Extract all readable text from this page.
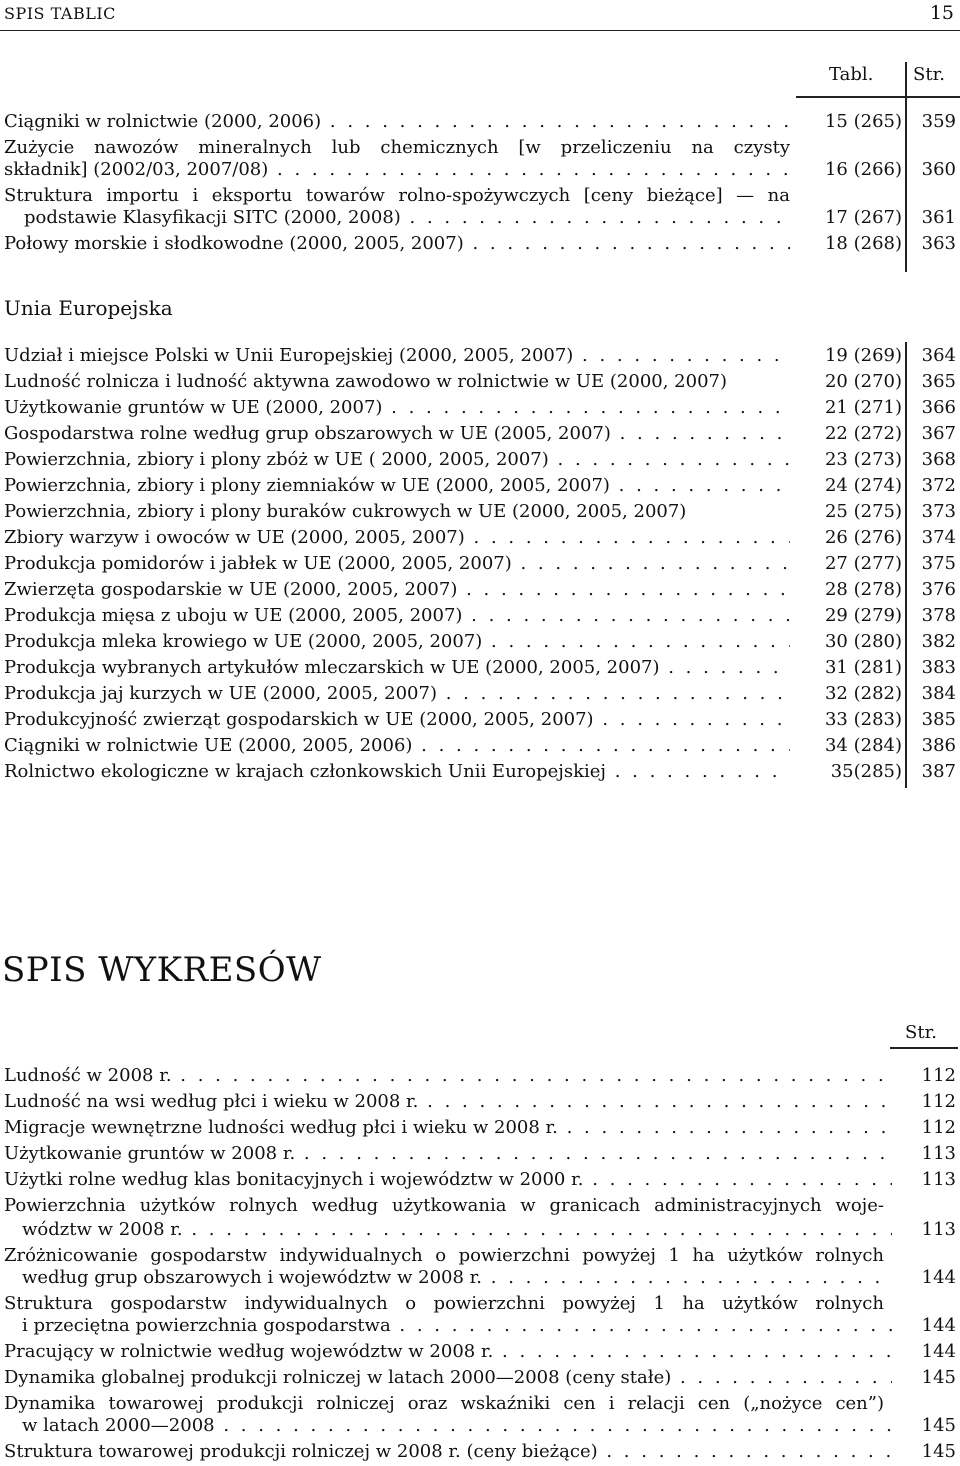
SPIS TABLIC	15
Tabl. Str.
Ciągniki w rolnictwie (2000, 2006) . . .	15 (265)	359
Zużycie nawozów mineralnych lub chemicznych [w przeliczeniu na czysty
składnik] (2002/03, 2007/08) . . .	16 (266)	360
Struktura importu i eksportu towarów rolno-spożywczych [ceny bieżące] — na
podstawie Klasyfikacji SITC (2000, 2008) . . .	17 (267)	361
Połowy morskie i słodkowodne (2000, 2005, 2007) . . .	18 (268)	363
Unia Europejska
Udział i miejsce Polski w Unii Europejskiej (2000, 2005, 2007) . . .	19 (269)	364
Ludność rolnicza i ludność aktywna zawodowo w rolnictwie w UE (2000, 2007)	20 (270)	365
Użytkowanie gruntów w UE (2000, 2007) . . .	21 (271)	366
Gospodarstwa rolne według grup obszarowych w UE (2005, 2007) . . .	22 (272)	367
Powierzchnia, zbiory i plony zbóż w UE ( 2000, 2005, 2007) . . .	23 (273)	368
Powierzchnia, zbiory i plony ziemniaków w UE (2000, 2005, 2007) . . .	24 (274)	372
Powierzchnia, zbiory i plony buraków cukrowych w UE (2000, 2005, 2007)	25 (275)	373
Zbiory warzyw i owoców w UE (2000, 2005, 2007) . . .	26 (276)	374
Produkcja pomidorów i jabłek w UE (2000, 2005, 2007) . . .	27 (277)	375
Zwierzęta gospodarskie w UE (2000, 2005, 2007) . . .	28 (278)	376
Produkcja mięsa z uboju w UE (2000, 2005, 2007) . . .	29 (279)	378
Produkcja mleka krowiego w UE (2000, 2005, 2007) . . .	30 (280)	382
Produkcja wybranych artykułów mleczarskich w UE (2000, 2005, 2007) . . .	31 (281)	383
Produkcja jaj kurzych w UE (2000, 2005, 2007) . . .	32 (282)	384
Produkcyjność zwierząt gospodarskich w UE (2000, 2005, 2007) . . .	33 (283)	385
Ciągniki w rolnictwie UE (2000, 2005, 2006) . . .	34 (284)	386
Rolnictwo ekologiczne w krajach członkowskich Unii Europejskiej . . .	35(285)	387
SPIS WYKRESÓW
Str.
Ludność w 2008 r. . . .	112
Ludność na wsi według płci i wieku w 2008 r. . . .	112
Migracje wewnętrzne ludności według płci i wieku w 2008 r. . . .	112
Użytkowanie gruntów w 2008 r. . . .	113
Użytki rolne według klas bonitacyjnych i województw w 2000 r. . . .	113
Powierzchnia użytków rolnych według użytkowania w granicach administracyjnych woje-
wództw w 2008 r. . . .	113
Zróżnicowanie gospodarstw indywidualnych o powierzchni powyżej 1 ha użytków rolnych
według grup obszarowych i województw w 2008 r. . . .	144
Struktura gospodarstw indywidualnych o powierzchni powyżej 1 ha użytków rolnych
i przeciętna powierzchnia gospodarstwa . . .	144
Pracujący w rolnictwie według województw w 2008 r. . . .	144
Dynamika globalnej produkcji rolniczej w latach 2000—2008 (ceny stałe) . . .	145
Dynamika towarowej produkcji rolniczej oraz wskaźniki cen i relacji cen („nożyce cen”)
w latach 2000—2008 . . .	145
Struktura towarowej produkcji rolniczej w 2008 r. (ceny bieżące) . . .	145
